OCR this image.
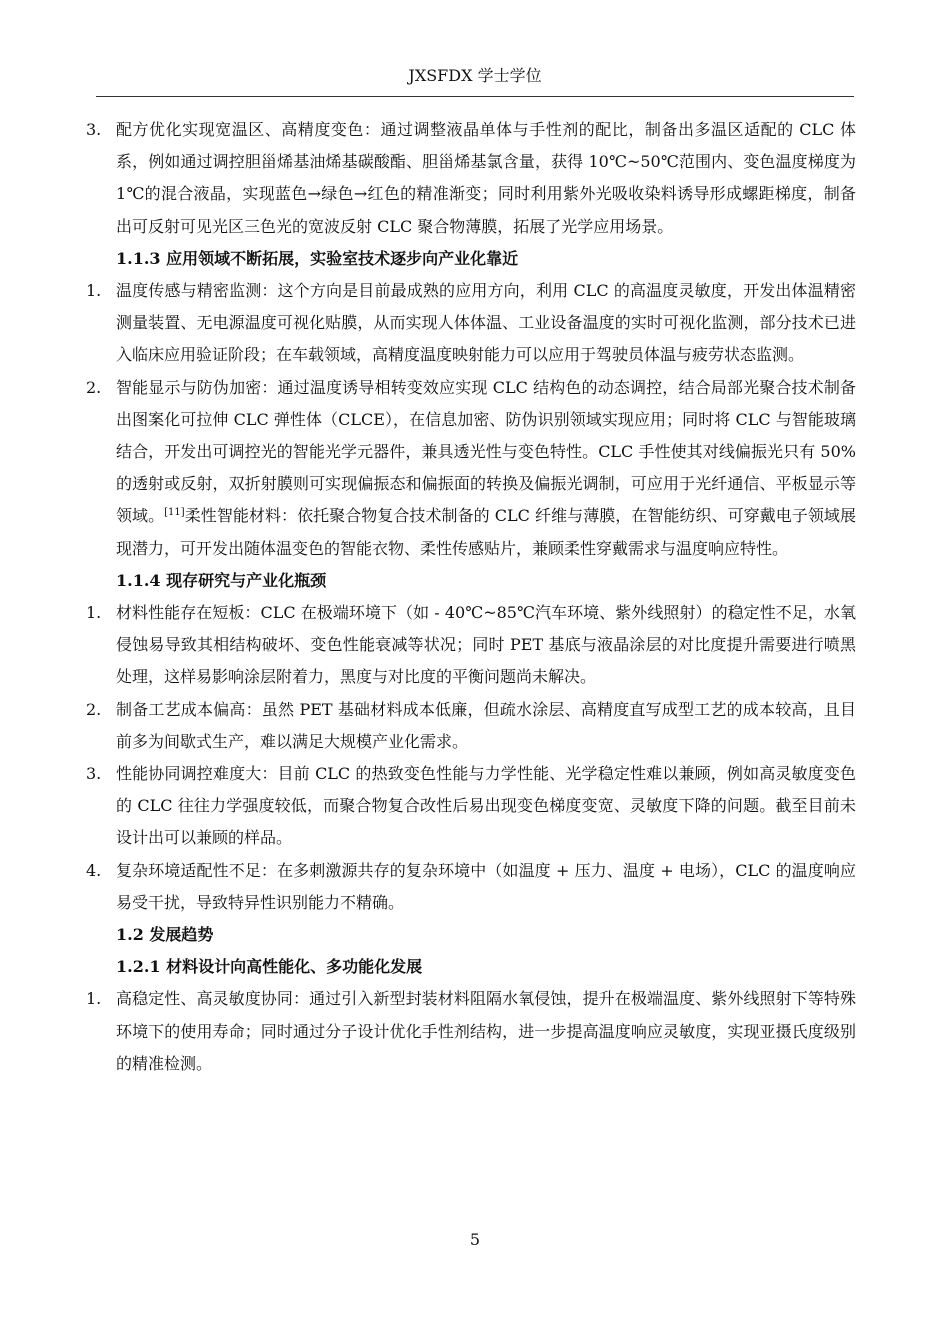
JXSFDX 学士学位

3. 配方优化实现宽温区、高精度变色：通过调整液晶单体与手性剂的配比，制备出多温区适配的 CLC 体系，例如通过调控胆甾烯基油烯基碳酸酯、胆甾烯基氯含量，获得 10℃~50℃范围内、变色温度梯度为 1℃的混合液晶，实现蓝色→绿色→红色的精准渐变；同时利用紫外光吸收染料诱导形成螺距梯度，制备出可反射可见光区三色光的宽波反射 CLC 聚合物薄膜，拓展了光学应用场景。

1.1.3 应用领域不断拓展，实验室技术逐步向产业化靠近

1. 温度传感与精密监测：这个方向是目前最成熟的应用方向，利用 CLC 的高温度灵敏度，开发出体温精密测量装置、无电源温度可视化贴膜，从而实现人体体温、工业设备温度的实时可视化监测，部分技术已进入临床应用验证阶段；在车载领域，高精度温度映射能力可以应用于驾驶员体温与疲劳状态监测。

2. 智能显示与防伪加密：通过温度诱导相转变效应实现 CLC 结构色的动态调控，结合局部光聚合技术制备出图案化可拉伸 CLC 弹性体（CLCE），在信息加密、防伪识别领域实现应用；同时将 CLC 与智能玻璃结合，开发出可调控光的智能光学元器件，兼具透光性与变色特性。CLC 手性使其对线偏振光只有 50%的透射或反射，双折射膜则可实现偏振态和偏振面的转换及偏振光调制，可应用于光纤通信、平板显示等领域。[11]柔性智能材料：依托聚合物复合技术制备的 CLC 纤维与薄膜，在智能纺织、可穿戴电子领域展现潜力，可开发出随体温变色的智能衣物、柔性传感贴片，兼顾柔性穿戴需求与温度响应特性。

1.1.4 现存研究与产业化瓶颈

1. 材料性能存在短板：CLC 在极端环境下（如 - 40℃~85℃汽车环境、紫外线照射）的稳定性不足，水氧侵蚀易导致其相结构破坏、变色性能衰减等状况；同时 PET 基底与液晶涂层的对比度提升需要进行喷黑处理，这样易影响涂层附着力，黑度与对比度的平衡问题尚未解决。

2. 制备工艺成本偏高：虽然 PET 基础材料成本低廉，但疏水涂层、高精度直写成型工艺的成本较高，且目前多为间歇式生产，难以满足大规模产业化需求。

3. 性能协同调控难度大：目前 CLC 的热致变色性能与力学性能、光学稳定性难以兼顾，例如高灵敏度变色的 CLC 往往力学强度较低，而聚合物复合改性后易出现变色梯度变宽、灵敏度下降的问题。截至目前未设计出可以兼顾的样品。

4. 复杂环境适配性不足：在多刺激源共存的复杂环境中（如温度 + 压力、温度 + 电场），CLC 的温度响应易受干扰，导致特异性识别能力不精确。

1.2 发展趋势

1.2.1 材料设计向高性能化、多功能化发展

1. 高稳定性、高灵敏度协同：通过引入新型封装材料阻隔水氧侵蚀，提升在极端温度、紫外线照射下等特殊环境下的使用寿命；同时通过分子设计优化手性剂结构，进一步提高温度响应灵敏度，实现亚摄氏度级别的精准检测。

5
